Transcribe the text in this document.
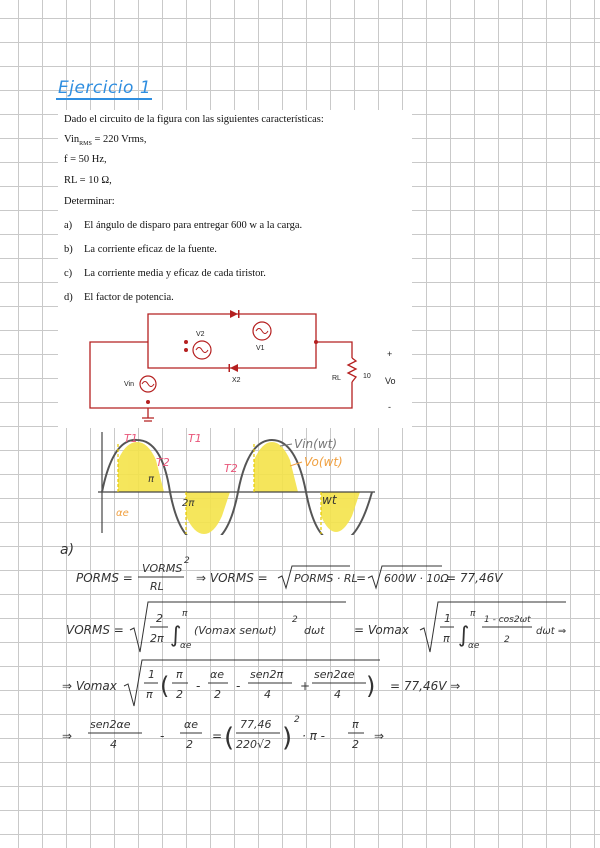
Ejercicio 1
Dado el circuito de la figura con las siguientes características:
Vin$_{RMS}$ = 220 Vrms,
f = 50 Hz,
RL = 10 Ω,
Determinar:
a) El ángulo de disparo para entregar 600 w a la carga.
b) La corriente eficaz de la fuente.
c) La corriente media y eficaz de cada tiristor.
d) El factor de potencia.
V2
V1
X2
Vin
RL	10
+
Vo
-
T1	T1
T2	T2
π
2π
αe
wt
Vin(wt)
Vo(wt)
a)
PORMS =
VORMS
2
RL
⇒ VORMS = PORMS · RL
= 600W · 10Ω
= 77,46V
VORMS =
2
2π ∫
π
αe
(Vomax senωt)
2
dωt = Vomax
1
π ∫
π
αe
1 - cos2ωt
2
dωt ⇒
⇒ Vomax
1
π ( π
2
-
αe
2
-
sen2π
4
+
sen2αe
4 ) = 77,46V ⇒
⇒
sen2αe
4
-
αe
2
= ( 77,46
220√2 )
2
· π -
π
2
⇒
